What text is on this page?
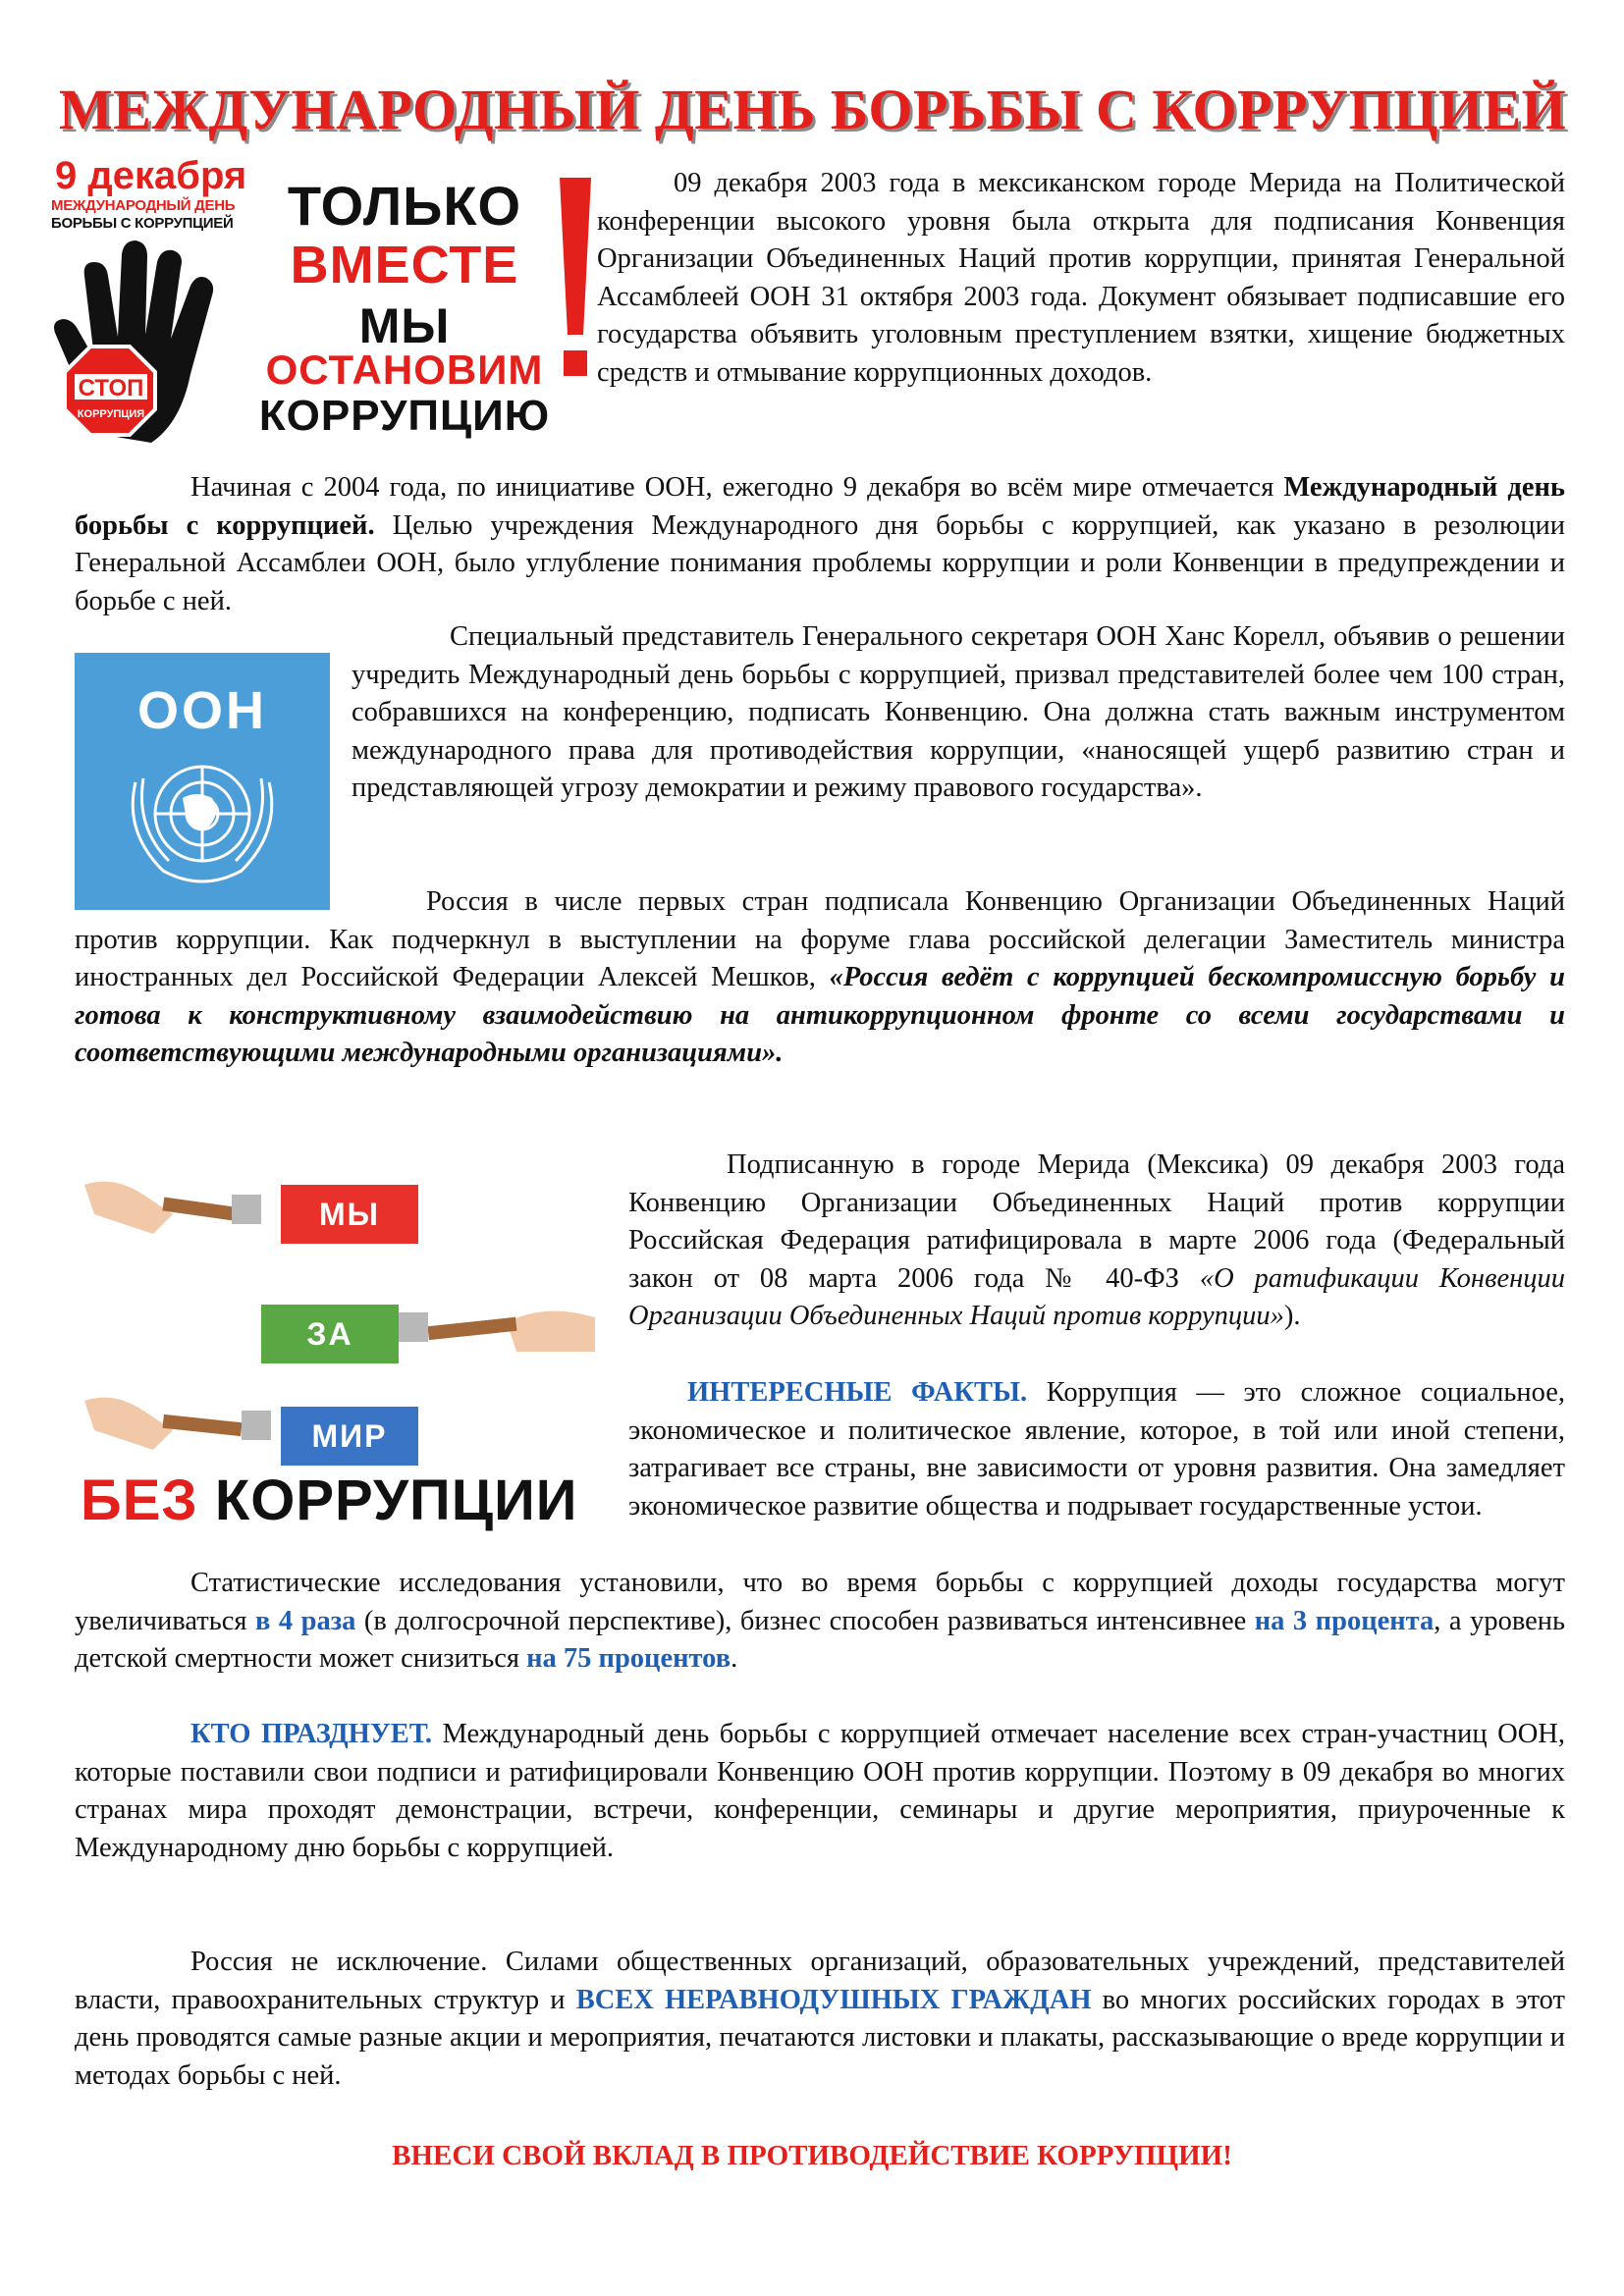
МЕЖДУНАРОДНЫЙ ДЕНЬ БОРЬБЫ С КОРРУПЦИЕЙ
9 декабря
МЕЖДУНАРОДНЫЙ ДЕНЬ
БОРЬБЫ С КОРРУПЦИЕЙ
СТОП
КОРРУПЦИЯ
ТОЛЬКО
ВМЕСТЕ
МЫ
ОСТАНОВИМ
КОРРУПЦИЮ

09 декабря 2003 года в мексиканском городе Мерида на Политической конференции высокого уровня была открыта для подписания Конвенция Организации Объединенных Наций против коррупции, принятая Генеральной Ассамблеей ООН 31 октября 2003 года. Документ обязывает подписавшие его государства объявить уголовным преступлением взятки, хищение бюджетных средств и отмывание коррупционных доходов.

Начиная с 2004 года, по инициативе ООН, ежегодно 9 декабря во всём мире отмечается Международный день борьбы с коррупцией. Целью учреждения Международного дня борьбы с коррупцией, как указано в резолюции Генеральной Ассамблеи ООН, было углубление понимания проблемы коррупции и роли Конвенции в предупреждении и борьбе с ней.

ООН

Специальный представитель Генерального секретаря ООН Ханс Корелл, объявив о решении учредить Международный день борьбы с коррупцией, призвал представителей более чем 100 стран, собравшихся на конференцию, подписать Конвенцию. Она должна стать важным инструментом международного права для противодействия коррупции, «наносящей ущерб развитию стран и представляющей угрозу демократии и режиму правового государства».

Россия в числе первых стран подписала Конвенцию Организации Объединенных Наций против коррупции. Как подчеркнул в выступлении на форуме глава российской делегации Заместитель министра иностранных дел Российской Федерации Алексей Мешков, «Россия ведёт с коррупцией бескомпромиссную борьбу и готова к конструктивному взаимодействию на антикоррупционном фронте со всеми государствами и соответствующими международными организациями».

МЫ
ЗА
МИР
БЕЗ КОРРУПЦИИ

Подписанную в городе Мерида (Мексика) 09 декабря 2003 года Конвенцию Организации Объединенных Наций против коррупции Российская Федерация ратифицировала в марте 2006 года (Федеральный закон от 08 марта 2006 года № 40-ФЗ «О ратификации Конвенции Организации Объединенных Наций против коррупции»).

ИНТЕРЕСНЫЕ ФАКТЫ. Коррупция — это сложное социальное, экономическое и политическое явление, которое, в той или иной степени, затрагивает все страны, вне зависимости от уровня развития. Она замедляет экономическое развитие общества и подрывает государственные устои.

Статистические исследования установили, что во время борьбы с коррупцией доходы государства могут увеличиваться в 4 раза (в долгосрочной перспективе), бизнес способен развиваться интенсивнее на 3 процента, а уровень детской смертности может снизиться на 75 процентов.

КТО ПРАЗДНУЕТ. Международный день борьбы с коррупцией отмечает население всех стран-участниц ООН, которые поставили свои подписи и ратифицировали Конвенцию ООН против коррупции. Поэтому в 09 декабря во многих странах мира проходят демонстрации, встречи, конференции, семинары и другие мероприятия, приуроченные к Международному дню борьбы с коррупцией.

Россия не исключение. Силами общественных организаций, образовательных учреждений, представителей власти, правоохранительных структур и ВСЕХ НЕРАВНОДУШНЫХ ГРАЖДАН во многих российских городах в этот день проводятся самые разные акции и мероприятия, печатаются листовки и плакаты, рассказывающие о вреде коррупции и методах борьбы с ней.

ВНЕСИ СВОЙ ВКЛАД В ПРОТИВОДЕЙСТВИЕ КОРРУПЦИИ!
